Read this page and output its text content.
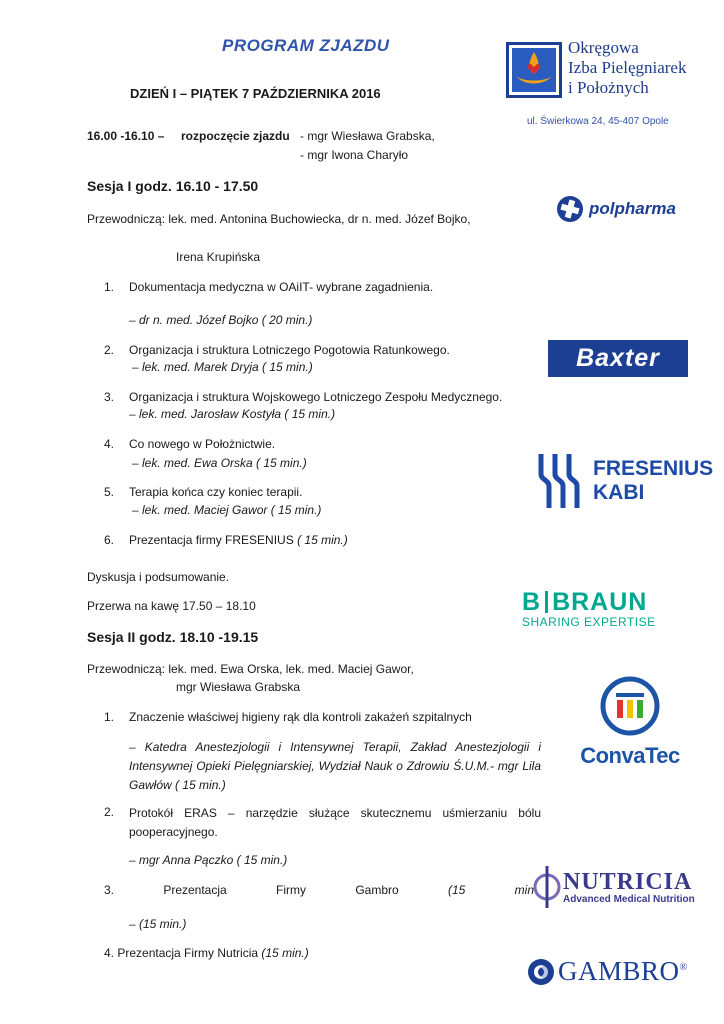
PROGRAM ZJAZDU
DZIEŃ I – PIĄTEK 7 PAŹDZIERNIKA 2016
16.00 -16.10 – rozpoczęcie zjazdu - mgr Wiesława Grabska,
- mgr Iwona Charyło
Sesja I godz. 16.10 - 17.50
Przewodniczą: lek. med. Antonina Buchowiecka, dr n. med. Józef Bojko,
Irena Krupińska
1. Dokumentacja medyczna w OAiIT- wybrane zagadnienia.
– dr n. med. Józef Bojko ( 20 min.)
2. Organizacja i struktura Lotniczego Pogotowia Ratunkowego.
– lek. med. Marek Dryja ( 15 min.)
3. Organizacja i struktura Wojskowego Lotniczego Zespołu Medycznego.
– lek. med. Jarosław Kostyła ( 15 min.)
4. Co nowego w Położnictwie.
– lek. med. Ewa Orska ( 15 min.)
5. Terapia końca czy koniec terapii.
– lek. med. Maciej Gawor ( 15 min.)
6. Prezentacja firmy FRESENIUS ( 15 min.)
Dyskusja i podsumowanie.
Przerwa na kawę 17.50 – 18.10
Sesja II godz. 18.10 -19.15
Przewodniczą: lek. med. Ewa Orska, lek. med. Maciej Gawor,
mgr Wiesława Grabska
1. Znaczenie właściwej higieny rąk dla kontroli zakażeń szpitalnych
– Katedra Anestezjologii i Intensywnej Terapii, Zakład Anestezjologii i Intensywnej Opieki Pielęgniarskiej, Wydział Nauk o Zdrowiu Ś.U.M.- mgr Lila Gawłów ( 15 min.)
2. Protokół ERAS – narzędzie służące skutecznemu uśmierzaniu bólu pooperacyjnego.
– mgr Anna Pączko ( 15 min.)
3.	Prezentacja	Firmy	Gambro	(15	min
– (15 min.)
4. Prezentacja Firmy Nutricia (15 min.)
Okręgowa
Izba Pielęgniarek
i Położnych
ul. Świerkowa 24, 45-407 Opole
polpharma
Baxter
FRESENIUS
KABI
B BRAUN
SHARING EXPERTISE
ConvaTec
NUTRICIA
Advanced Medical Nutrition
GAMBRO®
